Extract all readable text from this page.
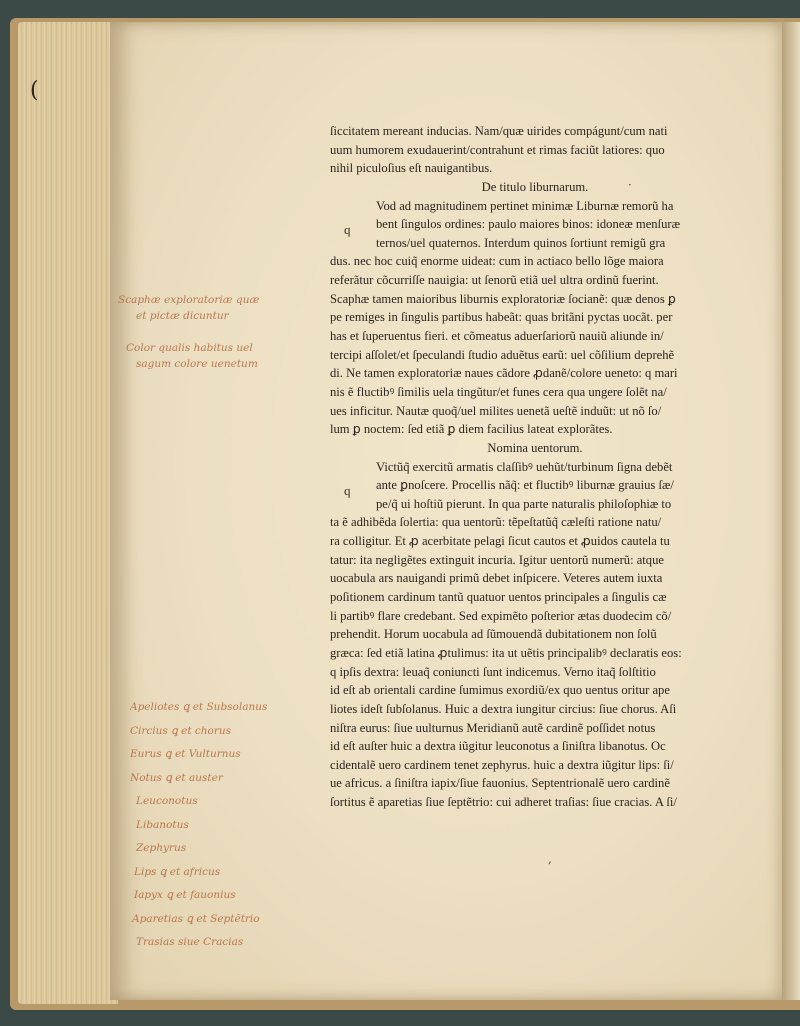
ſiccitatem mereant inducias. Nam/quæ uirides compágunt/cum nati
uum humorem exudauerint/contrahunt et rimas faciũt latiores: quo
nihil piculoſius eſt nauigantibus.
De titulo liburnarum.
Vod ad magnitudinem pertinet minimæ Liburnæ remorũ ha
bent ſingulos ordines: paulo maiores binos: idoneæ menſuræ
ternos/uel quaternos. Interdum quinos ſortiunt remigũ gra
dus. nec hoc cuiq̃ enorme uideat: cum in actiaco bello lõge maiora
referãtur cõcurriſſe nauigia: ut ſenorũ etiã uel ultra ordinũ fuerint.
Scaphæ tamen maioribus liburnis exploratoriæ ſocianẽ: quæ denos ꝑ
pe remiges in ſingulis partibus habeãt: quas britãni pyctas uocãt. per
has et ſuperuentus fieri. et cõmeatus aduerſariorũ nauiũ aliunde in/
tercipi aſſolet/et ſpeculandi ſtudio aduẽtus earũ: uel cõſilium deprehẽ
di. Ne tamen exploratoriæ naues cãdore ꝓdanẽ/colore ueneto: q mari
nis ẽ fluctibꝰ ſimilis uela tingũtur/et funes cera qua ungere ſolẽt na/
ues inficitur. Nautæ quoq̃/uel milites uenetã ueſtẽ induũt: ut nõ ſo/
lum ꝑ noctem: ſed etiã ꝑ diem facilius lateat explorãtes.
Nomina uentorum.
Victũq̃ exercitũ armatis claſſibꝰ uehũt/turbinum ſigna debẽt
ante ꝑnoſcere. Procellis nãq̃: et fluctibꝰ liburnæ grauius ſæ/
pe/q̃ ui hoſtiũ pierunt. In qua parte naturalis philoſophiæ to
ta ẽ adhibẽda ſolertia: qua uentorũ: tẽpeſtatũq̃ cæleſti ratione natu/
ra colligitur. Et ꝓ acerbitate pelagi ſicut cautos et ꝓuidos cautela tu
tatur: ita negligẽtes extinguit incuria. Igitur uentorũ numerũ: atque
uocabula ars nauigandi primũ debet inſpicere. Veteres autem iuxta
poſitionem cardinum tantũ quatuor uentos principales a ſingulis cæ
li partibꝰ flare credebant. Sed expimẽto poſterior ætas duodecim cõ/
prehendit. Horum uocabula ad ſũmouendã dubitationem non ſolũ
græca: ſed etiã latina ꝓtulimus: ita ut uẽtis principalibꝰ declaratis eos:
q ipſis dextra: leuaq̃ coniuncti ſunt indicemus. Verno itaq̃ ſolſtitio
id eſt ab orientali cardine ſumimus exordiũ/ex quo uentus oritur ape
liotes ideſt ſubſolanus. Huic a dextra iungitur circius: ſiue chorus. Aſi
niſtra eurus: ſiue uulturnus Meridianũ autẽ cardinẽ poſſidet notus
id eſt auſter huic a dextra iũgitur leuconotus a ſiniſtra libanotus. Oc
cidentalẽ uero cardinem tenet zephyrus. huic a dextra iũgitur lips: ſi/
ue africus. a ſiniſtra iapix/ſiue fauonius. Septentrionalẽ uero cardinẽ
ſortitus ẽ aparetias ſiue ſeptẽtrio: cui adheret traſias: ſiue cracias. A ſi/
q
q
Scaphæ exploratoriæ quæ
et pictæ dicuntur

Color qualis habitus uel
sagum colore uenetum
Apeliotes ꝗ et Subsolanus
Circius ꝗ et chorus
Eurus ꝗ et Vulturnus
Notus ꝗ et auster
Leuconotus
Libanotus
Zephyrus
Lips ꝗ et africus
Iapyx ꝗ et fauonius
Aparetias ꝗ et Septẽtrio
Trasias siue Cracias
(
·
,
